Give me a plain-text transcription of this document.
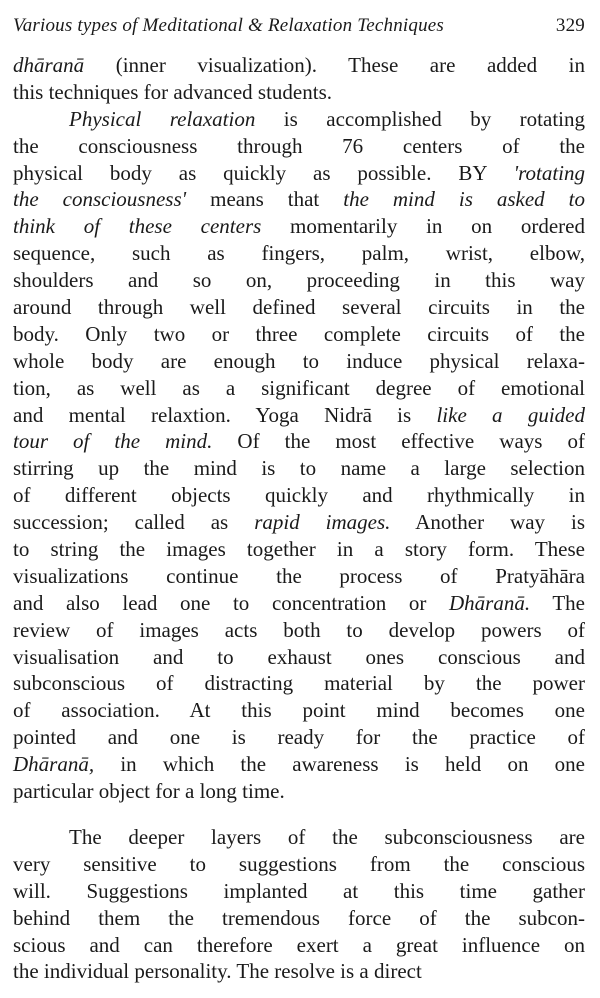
Various types of Meditational & Relaxation Techniques	329
dhāranā (inner visualization). These are added in
this techniques for advanced students.
Physical relaxation is accomplished by rotating
the consciousness through 76 centers of the
physical body as quickly as possible. BY 'rotating
the consciousness' means that the mind is asked to
think of these centers momentarily in on ordered
sequence, such as fingers, palm, wrist, elbow,
shoulders and so on, proceeding in this way
around through well defined several circuits in the
body. Only two or three complete circuits of the
whole body are enough to induce physical relaxa-
tion, as well as a significant degree of emotional
and mental relaxtion. Yoga Nidrā is like a guided
tour of the mind. Of the most effective ways of
stirring up the mind is to name a large selection
of different objects quickly and rhythmically in
succession; called as rapid images. Another way is
to string the images together in a story form. These
visualizations continue the process of Pratyāhāra
and also lead one to concentration or Dhāranā. The
review of images acts both to develop powers of
visualisation and to exhaust ones conscious and
subconscious of distracting material by the power
of association. At this point mind becomes one
pointed and one is ready for the practice of
Dhāranā, in which the awareness is held on one
particular object for a long time.
The deeper layers of the subconsciousness are
very sensitive to suggestions from the conscious
will. Suggestions implanted at this time gather
behind them the tremendous force of the subcon-
scious and can therefore exert a great influence on
the individual personality. The resolve is a direct
